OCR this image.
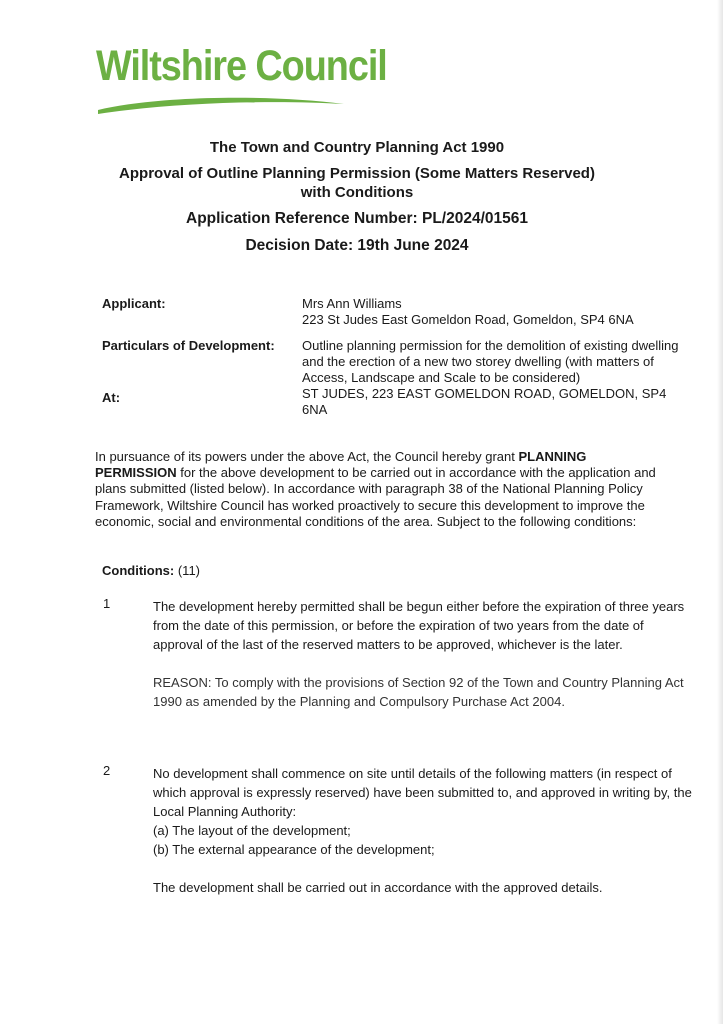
Wiltshire Council

The Town and Country Planning Act 1990

Approval of Outline Planning Permission (Some Matters Reserved)

with Conditions

Application Reference Number: PL/2024/01561

Decision Date: 19th June 2024

Applicant:	Mrs Ann Williams
223 St Judes East Gomeldon Road, Gomeldon, SP4 6NA
Particulars of Development: Outline planning permission for the demolition of existing dwelling and the erection of a new two storey dwelling (with matters of Access, Landscape and Scale to be considered)
At:	ST JUDES, 223 EAST GOMELDON ROAD, GOMELDON, SP4 6NA
In pursuance of its powers under the above Act, the Council hereby grant PLANNING PERMISSION for the above development to be carried out in accordance with the application and plans submitted (listed below). In accordance with paragraph 38 of the National Planning Policy Framework, Wiltshire Council has worked proactively to secure this development to improve the economic, social and environmental conditions of the area. Subject to the following conditions:
Conditions: (11)
1	The development hereby permitted shall be begun either before the expiration of three years from the date of this permission, or before the expiration of two years from the date of approval of the last of the reserved matters to be approved, whichever is the later.

REASON: To comply with the provisions of Section 92 of the Town and Country Planning Act 1990 as amended by the Planning and Compulsory Purchase Act 2004.

2	No development shall commence on site until details of the following matters (in respect of which approval is expressly reserved) have been submitted to, and approved in writing by, the Local Planning Authority:

(a) The layout of the development;

(b) The external appearance of the development;

The development shall be carried out in accordance with the approved details.
